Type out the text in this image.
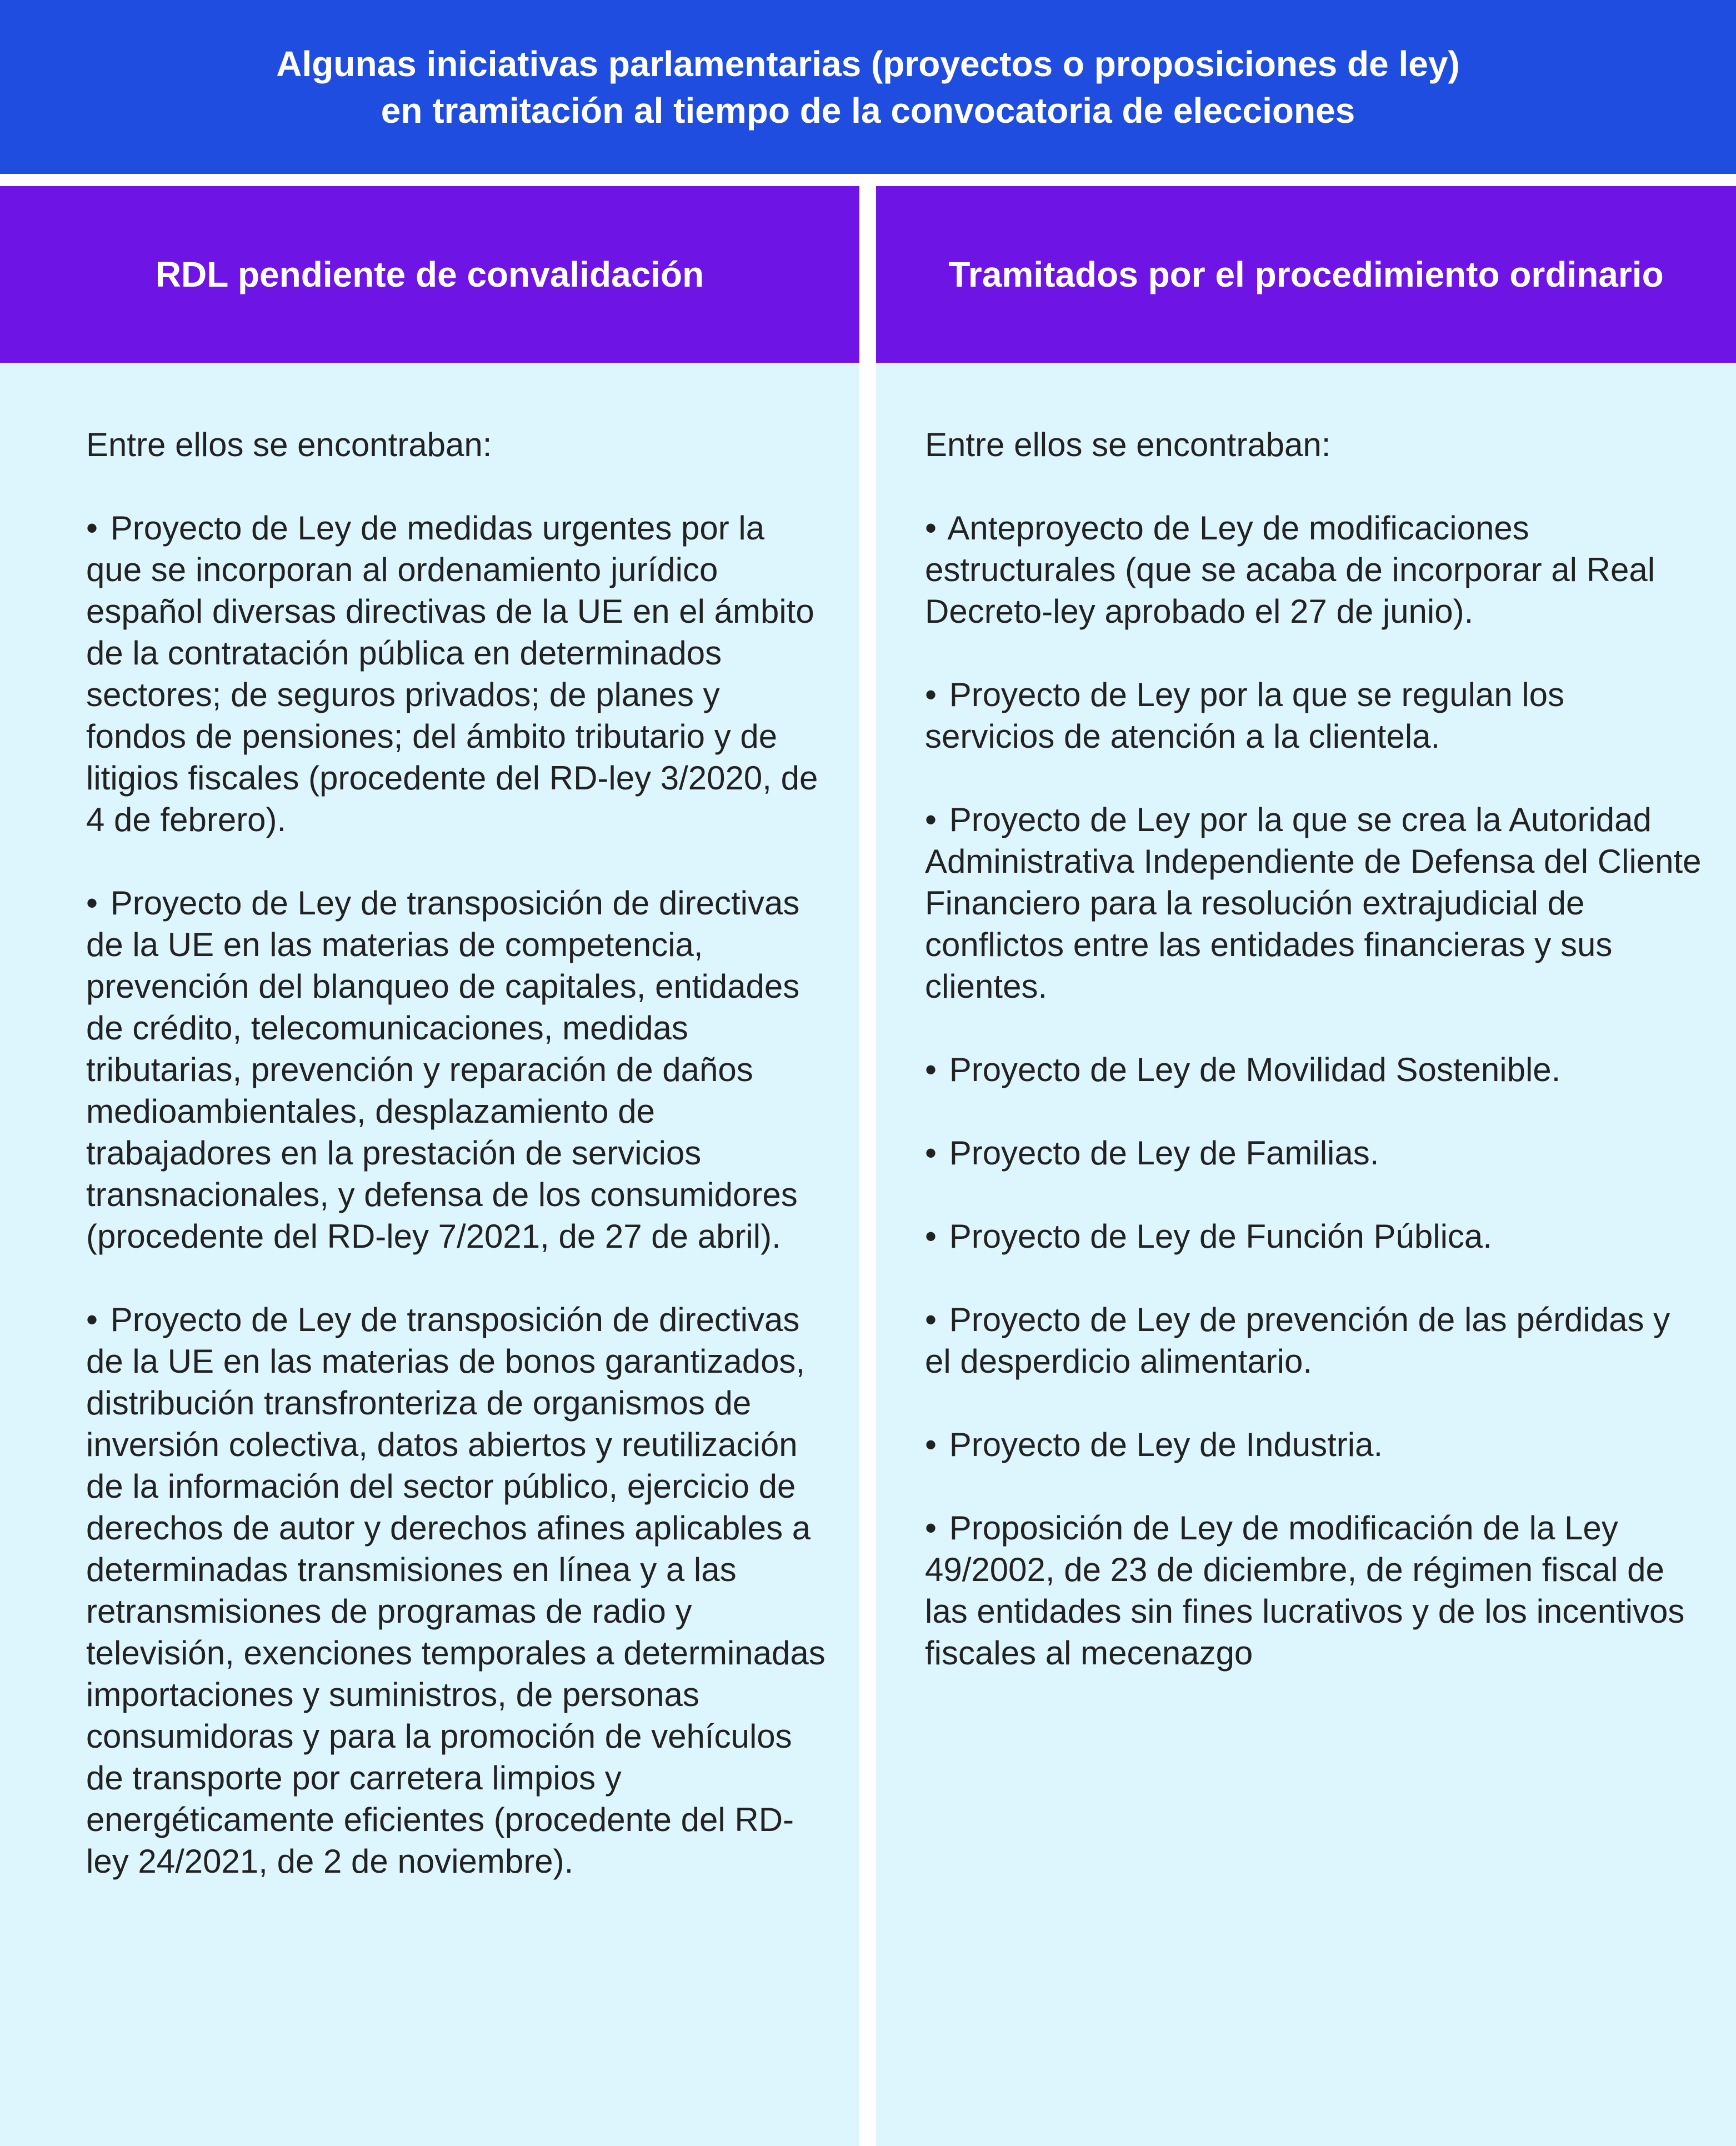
Algunas iniciativas parlamentarias (proyectos o proposiciones de ley)
en tramitación al tiempo de la convocatoria de elecciones
RDL pendiente de convalidación	Tramitados por el procedimiento ordinario

Entre ellos se encontraban:

• Proyecto de Ley de medidas urgentes por la que se incorporan al ordenamiento jurídico español diversas directivas de la UE en el ámbito de la contratación pública en determinados sectores; de seguros privados; de planes y fondos de pensiones; del ámbito tributario y de litigios fiscales (procedente del RD-ley 3/2020, de 4 de febrero).

• Proyecto de Ley de transposición de directivas de la UE en las materias de competencia, prevención del blanqueo de capitales, entidades de crédito, telecomunicaciones, medidas tributarias, prevención y reparación de daños medioambientales, desplazamiento de trabajadores en la prestación de servicios transnacionales, y defensa de los consumidores (procedente del RD-ley 7/2021, de 27 de abril).

• Proyecto de Ley de transposición de directivas de la UE en las materias de bonos garantizados, distribución transfronteriza de organismos de inversión colectiva, datos abiertos y reutilización de la información del sector público, ejercicio de derechos de autor y derechos afines aplicables a determinadas transmisiones en línea y a las retransmisiones de programas de radio y televisión, exenciones temporales a determinadas importaciones y suministros, de personas consumidoras y para la promoción de vehículos de transporte por carretera limpios y energéticamente eficientes (procedente del RD-ley 24/2021, de 2 de noviembre).

Entre ellos se encontraban:

• Anteproyecto de Ley de modificaciones estructurales (que se acaba de incorporar al Real Decreto-ley aprobado el 27 de junio).

• Proyecto de Ley por la que se regulan los servicios de atención a la clientela.

• Proyecto de Ley por la que se crea la Autoridad Administrativa Independiente de Defensa del Cliente Financiero para la resolución extrajudicial de conflictos entre las entidades financieras y sus clientes.

• Proyecto de Ley de Movilidad Sostenible.

• Proyecto de Ley de Familias.

• Proyecto de Ley de Función Pública.

• Proyecto de Ley de prevención de las pérdidas y el desperdicio alimentario.

• Proyecto de Ley de Industria.

• Proposición de Ley de modificación de la Ley 49/2002, de 23 de diciembre, de régimen fiscal de las entidades sin fines lucrativos y de los incentivos fiscales al mecenazgo
